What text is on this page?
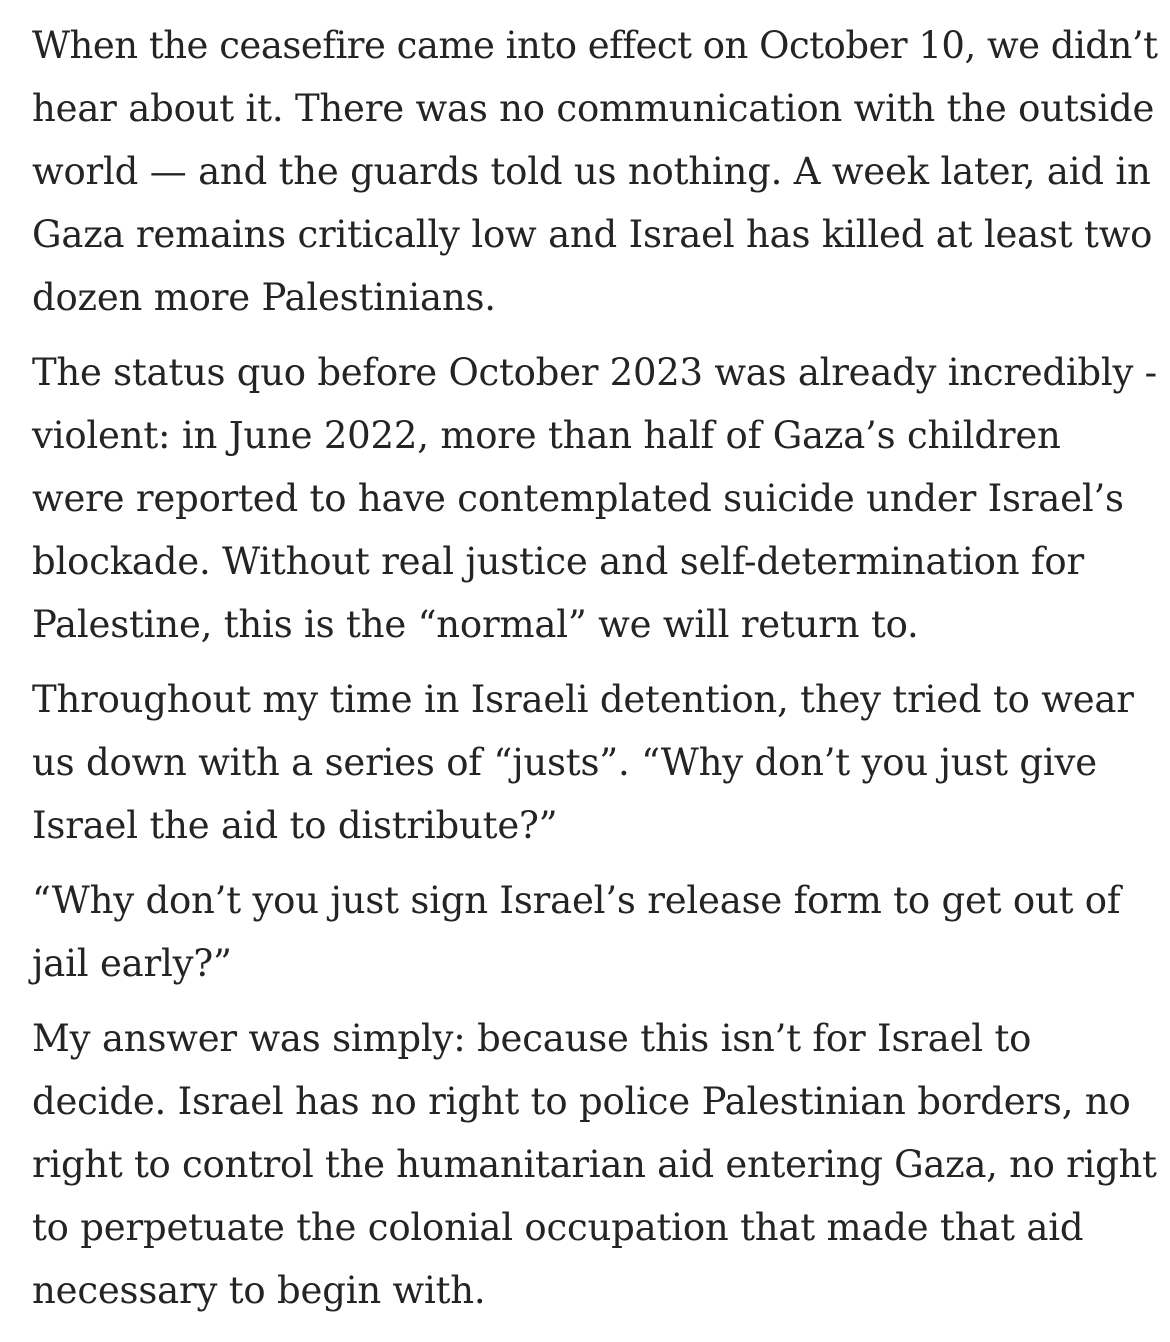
When the ceasefire came into effect on October 10, we didn’t
hear about it. There was no communication with the outside
world — and the guards told us nothing. A week later, aid in
Gaza remains critically low and Israel has killed at least two
dozen more Palestinians.

The status quo before October 2023 was already incredibly -
violent: in June 2022, more than half of Gaza’s children
were reported to have contemplated suicide under Israel’s
blockade. Without real justice and self-determination for
Palestine, this is the “normal” we will return to.

Throughout my time in Israeli detention, they tried to wear
us down with a series of “justs”. “Why don’t you just give
Israel the aid to distribute?”

“Why don’t you just sign Israel’s release form to get out of
jail early?”

My answer was simply: because this isn’t for Israel to
decide. Israel has no right to police Palestinian borders, no
right to control the humanitarian aid entering Gaza, no right
to perpetuate the colonial occupation that made that aid
necessary to begin with.
